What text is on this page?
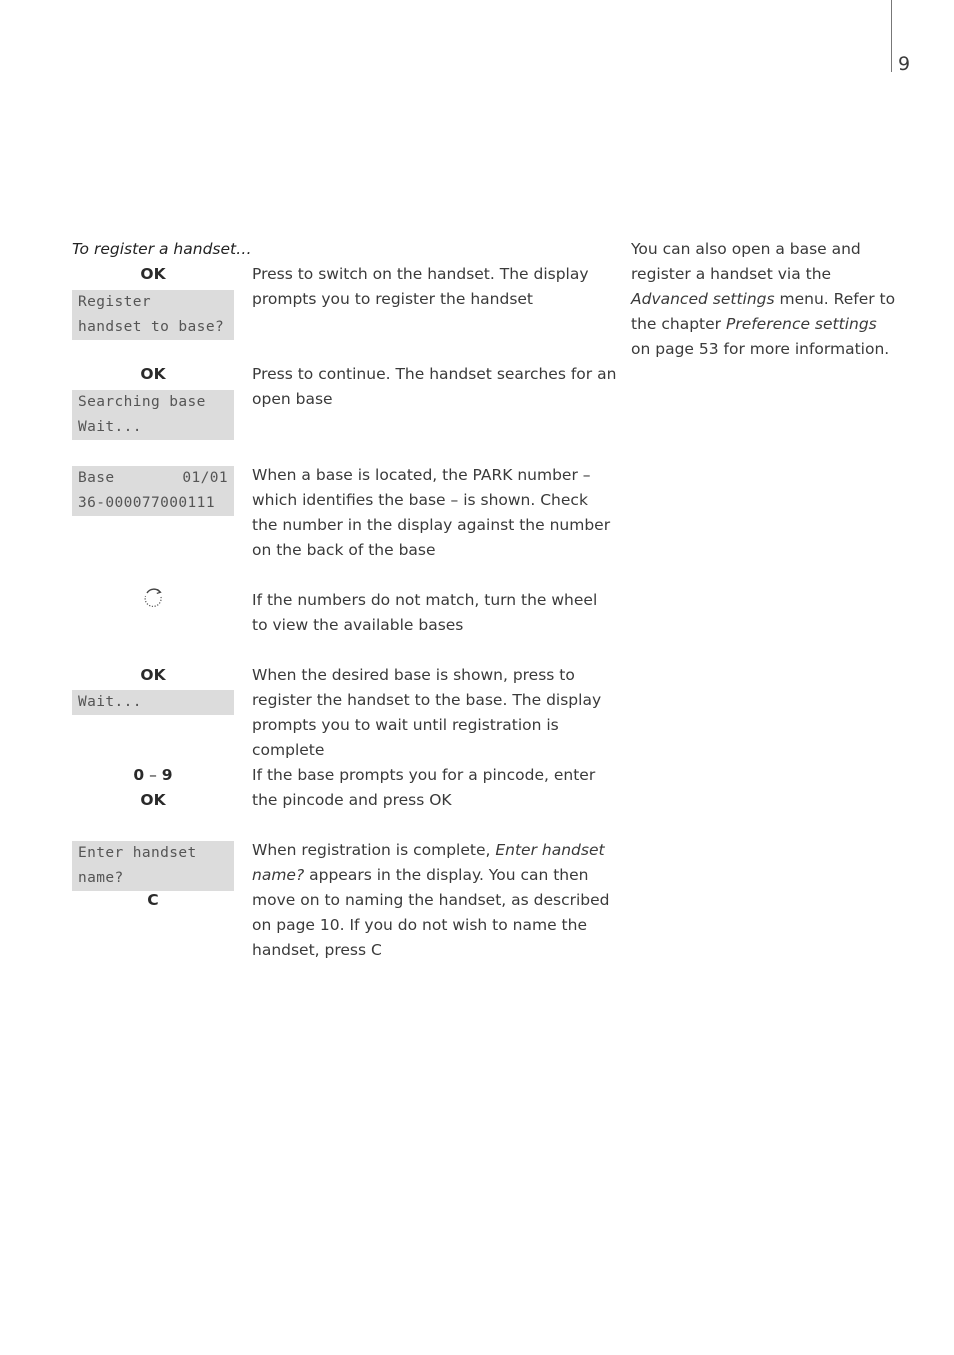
9
To register a handset…
OK
Register
handset to base?
Press to switch on the handset. The display prompts you to register the handset
OK
Searching base
Wait...
Press to continue. The handset searches for an open base
Base	01/01
36-000077000111
When a base is located, the PARK number – which identifies the base – is shown. Check the number in the display against the number on the back of the base
If the numbers do not match, turn the wheel to view the available bases
OK
Wait...
When the desired base is shown, press to register the handset to the base. The display prompts you to wait until registration is complete
0 – 9
OK
If the base prompts you for a pincode, enter the pincode and press OK
Enter handset
name?
C
When registration is complete, Enter handset name? appears in the display. You can then move on to naming the handset, as described on page 10. If you do not wish to name the handset, press C
You can also open a base and register a handset via the Advanced settings menu. Refer to the chapter Preference settings on page 53 for more information.
